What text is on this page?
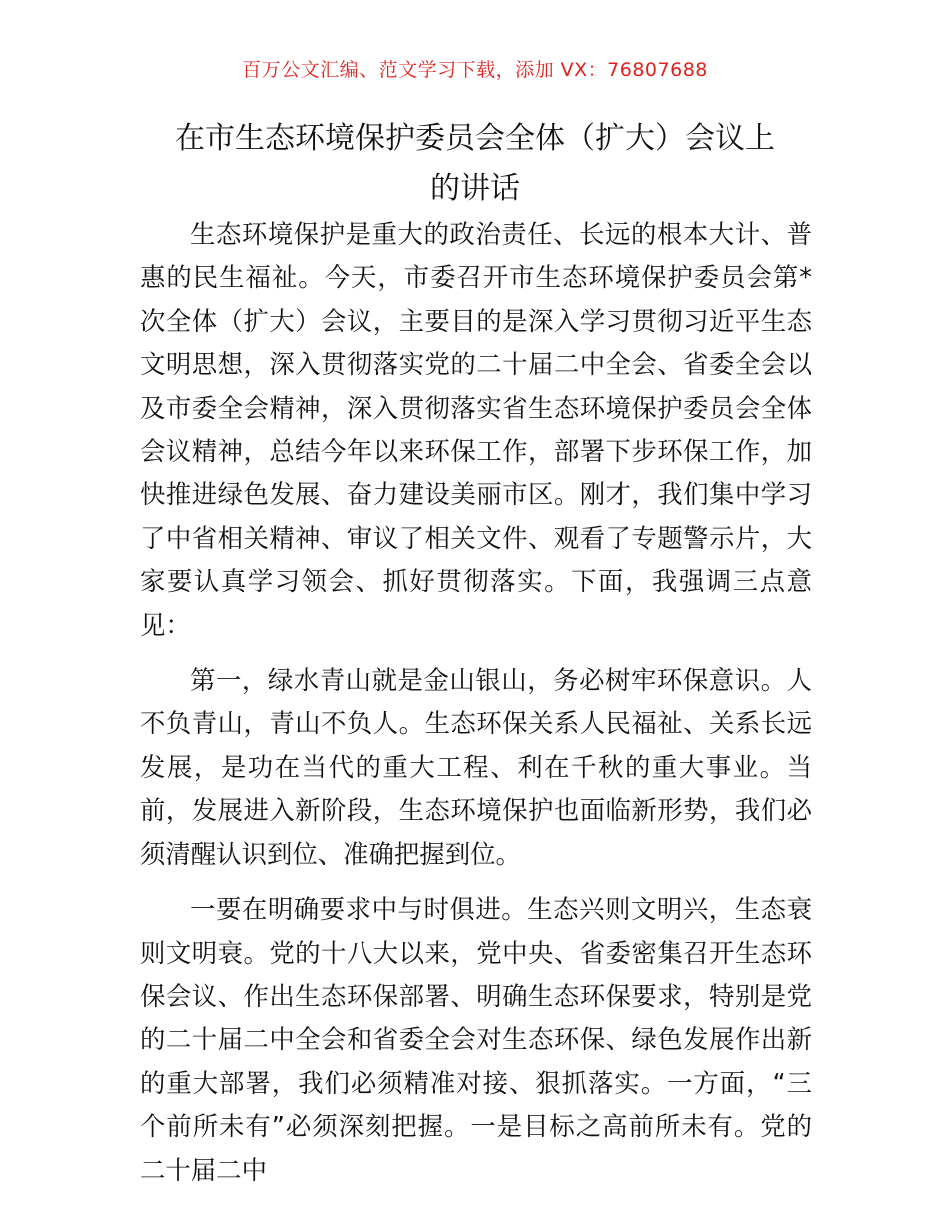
百万公文汇编、范文学习下载，添加 VX：76807688
在市生态环境保护委员会全体（扩大）会议上
的讲话

生态环境保护是重大的政治责任、长远的根本大计、普惠的民生福祉。今天，市委召开市生态环境保护委员会第*次全体（扩大）会议，主要目的是深入学习贯彻习近平生态文明思想，深入贯彻落实党的二十届二中全会、省委全会以及市委全会精神，深入贯彻落实省生态环境保护委员会全体会议精神，总结今年以来环保工作，部署下步环保工作，加快推进绿色发展、奋力建设美丽市区。刚才，我们集中学习了中省相关精神、审议了相关文件、观看了专题警示片，大家要认真学习领会、抓好贯彻落实。下面，我强调三点意见：

第一，绿水青山就是金山银山，务必树牢环保意识。人不负青山，青山不负人。生态环保关系人民福祉、关系长远发展，是功在当代的重大工程、利在千秋的重大事业。当前，发展进入新阶段，生态环境保护也面临新形势，我们必须清醒认识到位、准确把握到位。

一要在明确要求中与时俱进。生态兴则文明兴，生态衰则文明衰。党的十八大以来，党中央、省委密集召开生态环保会议、作出生态环保部署、明确生态环保要求，特别是党的二十届二中全会和省委全会对生态环保、绿色发展作出新的重大部署，我们必须精准对接、狠抓落实。一方面，“三个前所未有”必须深刻把握。一是目标之高前所未有。党的二十届二中
